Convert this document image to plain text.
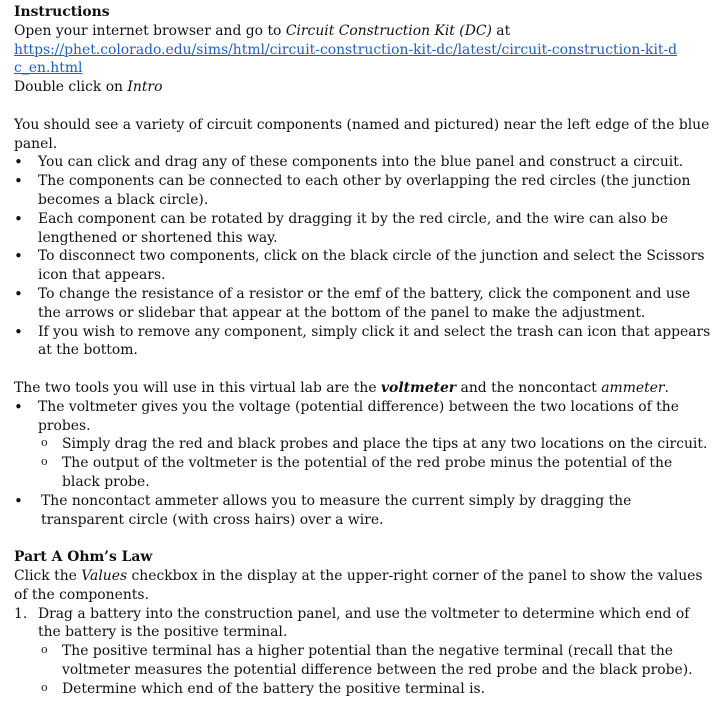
Instructions

Open your internet browser and go to Circuit Construction Kit (DC) at

https://phet.colorado.edu/sims/html/circuit-construction-kit-dc/latest/circuit-construction-kit-dc_en.html

Double click on Intro

You should see a variety of circuit components (named and pictured) near the left edge of the blue panel.

• You can click and drag any of these components into the blue panel and construct a circuit.
• The components can be connected to each other by overlapping the red circles (the junction becomes a black circle).
• Each component can be rotated by dragging it by the red circle, and the wire can also be lengthened or shortened this way.
• To disconnect two components, click on the black circle of the junction and select the Scissors icon that appears.
• To change the resistance of a resistor or the emf of the battery, click the component and use the arrows or slidebar that appear at the bottom of the panel to make the adjustment.
• If you wish to remove any component, simply click it and select the trash can icon that appears at the bottom.

The two tools you will use in this virtual lab are the voltmeter and the noncontact ammeter.

• The voltmeter gives you the voltage (potential difference) between the two locations of the probes.
o Simply drag the red and black probes and place the tips at any two locations on the circuit.
o The output of the voltmeter is the potential of the red probe minus the potential of the black probe.
• The noncontact ammeter allows you to measure the current simply by dragging the transparent circle (with cross hairs) over a wire.

Part A Ohm’s Law

Click the Values checkbox in the display at the upper-right corner of the panel to show the values of the components.

1. Drag a battery into the construction panel, and use the voltmeter to determine which end of the battery is the positive terminal.
o The positive terminal has a higher potential than the negative terminal (recall that the voltmeter measures the potential difference between the red probe and the black probe).
o Determine which end of the battery the positive terminal is.
